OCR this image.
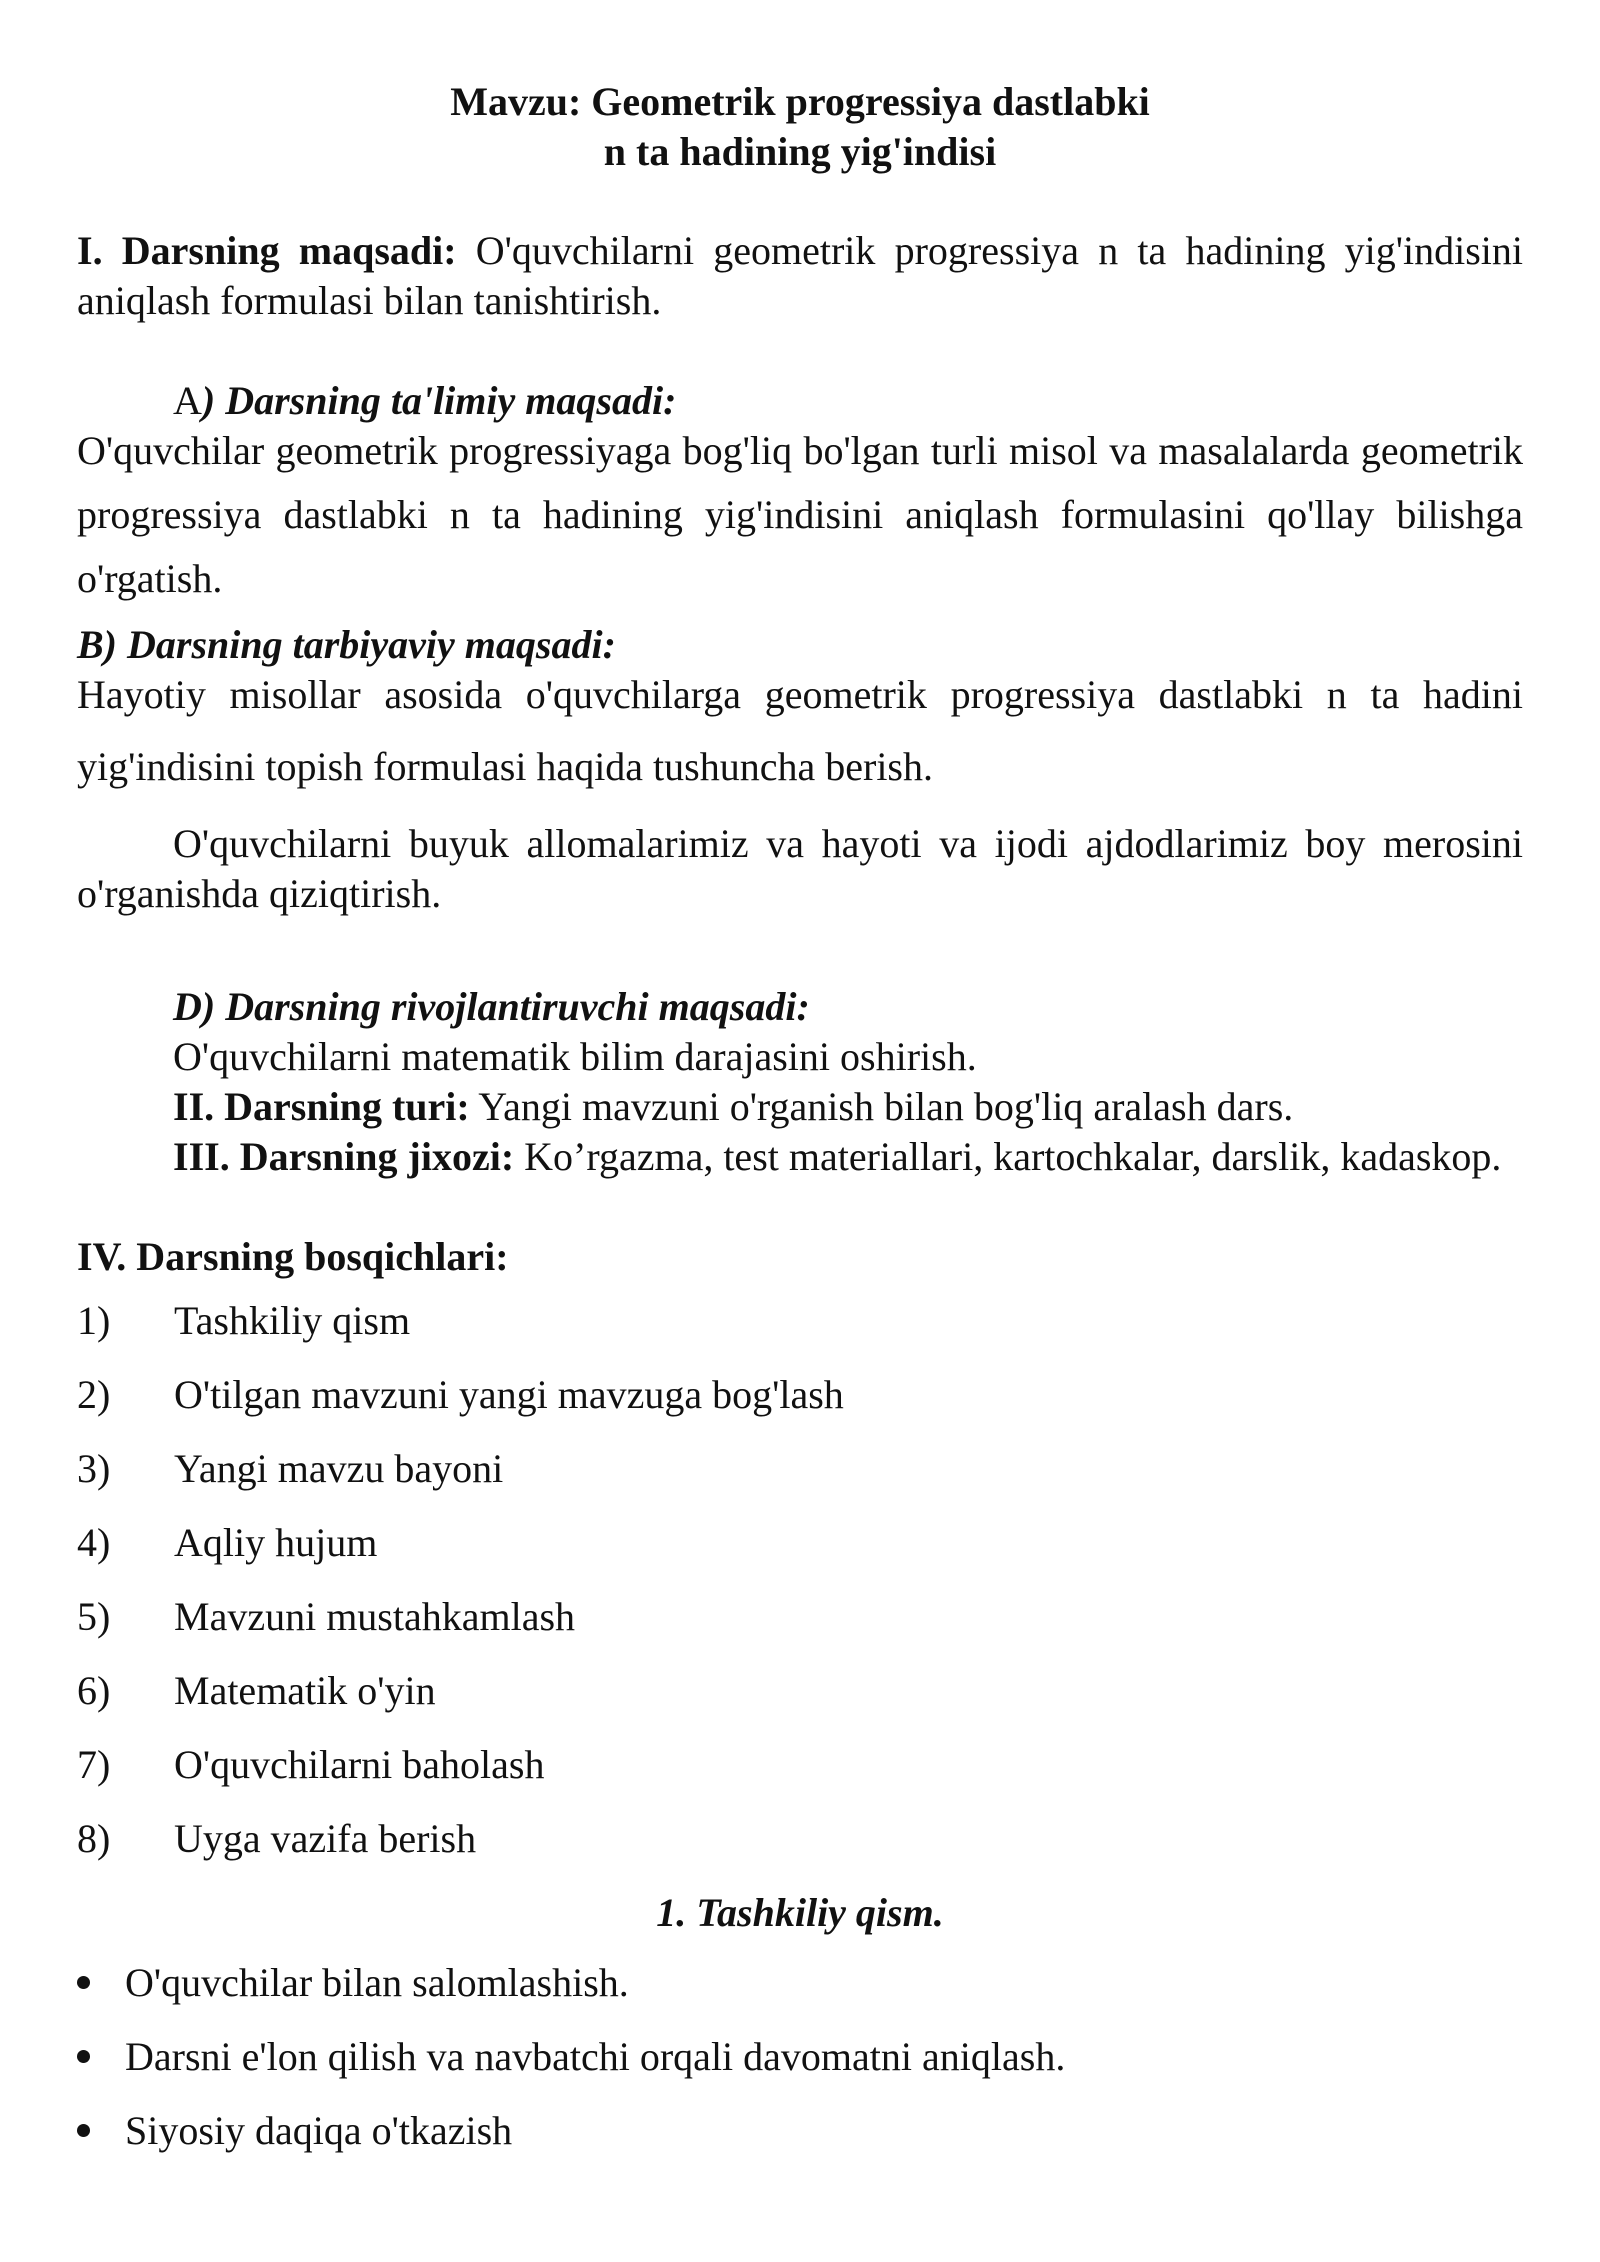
Mavzu: Geometrik progressiya dastlabki
n ta hadining yig'indisi
I. Darsning maqsadi: O'quvchilarni geometrik progressiya n ta hadining yig'indisini aniqlash formulasi bilan tanishtirish.
A) Darsning ta'limiy maqsadi:
O'quvchilar geometrik progressiyaga bog'liq bo'lgan turli misol va masalalarda geometrik progressiya dastlabki n ta hadining yig'indisini aniqlash formulasini qo'llay bilishga o'rgatish.
B) Darsning tarbiyaviy maqsadi:
Hayotiy misollar asosida o'quvchilarga geometrik progressiya dastlabki n ta hadini yig'indisini topish formulasi haqida tushuncha berish.
O'quvchilarni buyuk allomalarimiz va hayoti va ijodi ajdodlarimiz boy merosini o'rganishda qiziqtirish.
D) Darsning rivojlantiruvchi maqsadi:
O'quvchilarni matematik bilim darajasini oshirish.
II. Darsning turi: Yangi mavzuni o'rganish bilan bog'liq aralash dars.
III. Darsning jixozi: Ko’rgazma, test materiallari, kartochkalar, darslik, kadaskop.
IV. Darsning bosqichlari:
1) Tashkiliy qism
2) O'tilgan mavzuni yangi mavzuga bog'lash
3) Yangi mavzu bayoni
4) Aqliy hujum
5) Mavzuni mustahkamlash
6) Matematik o'yin
7) O'quvchilarni baholash
8) Uyga vazifa berish
1. Tashkiliy qism.
O'quvchilar bilan salomlashish.
Darsni e'lon qilish va navbatchi orqali davomatni aniqlash.
Siyosiy daqiqa o'tkazish
